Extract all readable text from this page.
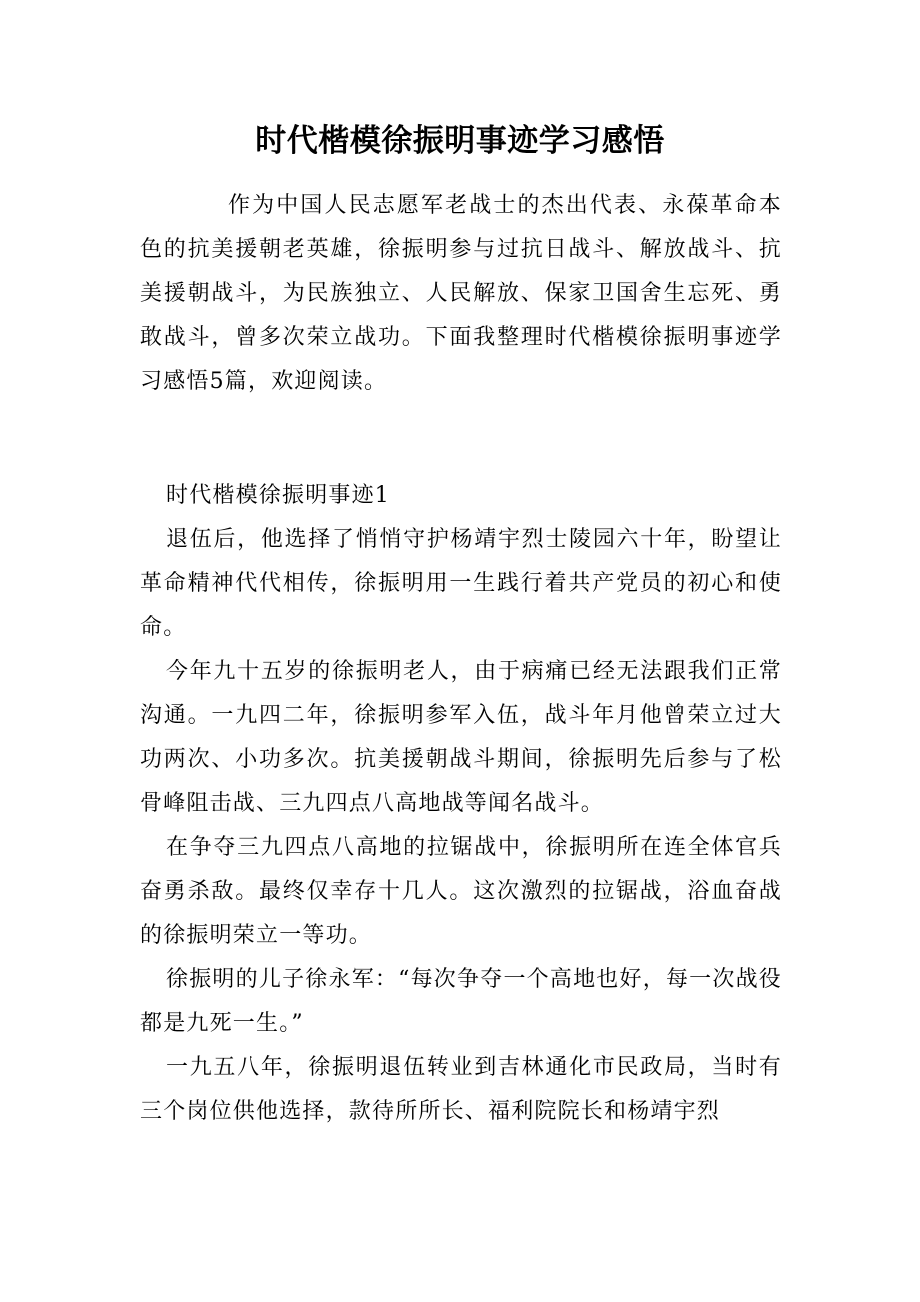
时代楷模徐振明事迹学习感悟
作为中国人民志愿军老战士的杰出代表、永葆革命本色的抗美援朝老英雄，徐振明参与过抗日战斗、解放战斗、抗美援朝战斗，为民族独立、人民解放、保家卫国舍生忘死、勇敢战斗，曾多次荣立战功。下面我整理时代楷模徐振明事迹学习感悟5篇，欢迎阅读。
时代楷模徐振明事迹1
退伍后，他选择了悄悄守护杨靖宇烈士陵园六十年，盼望让革命精神代代相传，徐振明用一生践行着共产党员的初心和使命。
今年九十五岁的徐振明老人，由于病痛已经无法跟我们正常沟通。一九四二年，徐振明参军入伍，战斗年月他曾荣立过大功两次、小功多次。抗美援朝战斗期间，徐振明先后参与了松骨峰阻击战、三九四点八高地战等闻名战斗。
在争夺三九四点八高地的拉锯战中，徐振明所在连全体官兵奋勇杀敌。最终仅幸存十几人。这次激烈的拉锯战，浴血奋战的徐振明荣立一等功。
徐振明的儿子徐永军：“每次争夺一个高地也好，每一次战役都是九死一生。”
一九五八年，徐振明退伍转业到吉林通化市民政局，当时有三个岗位供他选择，款待所所长、福利院院长和杨靖宇烈
